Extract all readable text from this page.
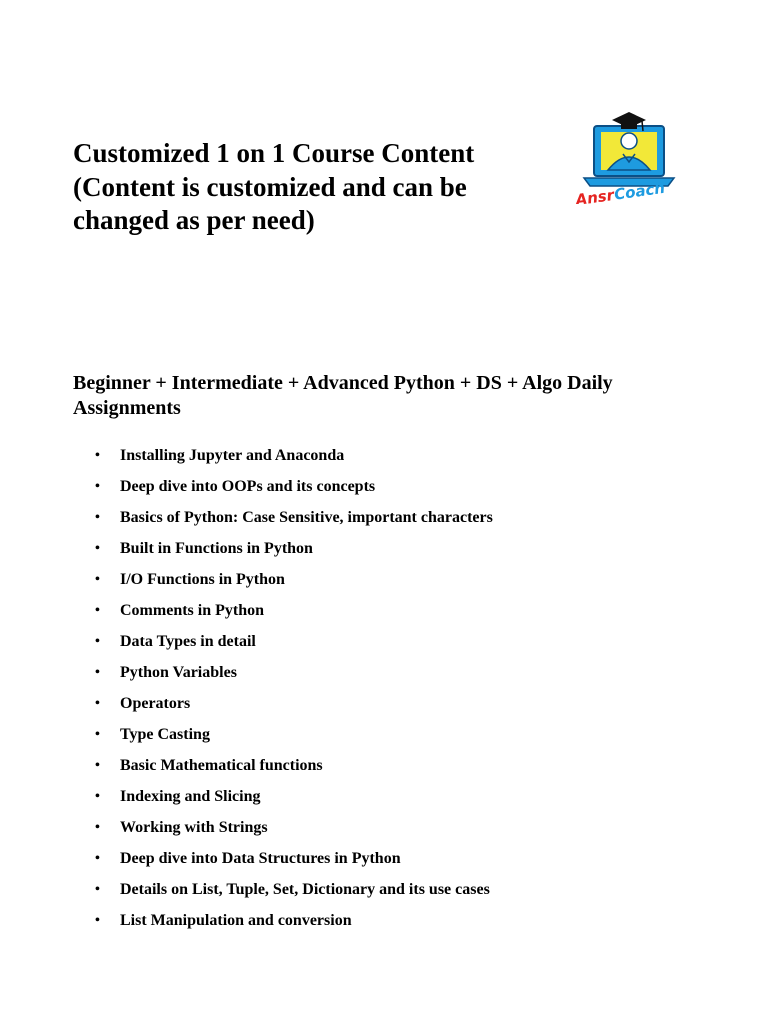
Customized 1 on 1 Course Content (Content is customized and can be changed as per need)
Ansr
Coach
Beginner + Intermediate + Advanced Python + DS + Algo Daily Assignments
• Installing Jupyter and Anaconda
• Deep dive into OOPs and its concepts
• Basics of Python: Case Sensitive, important characters
• Built in Functions in Python
• I/O Functions in Python
• Comments in Python
• Data Types in detail
• Python Variables
• Operators
• Type Casting
• Basic Mathematical functions
• Indexing and Slicing
• Working with Strings
• Deep dive into Data Structures in Python
• Details on List, Tuple, Set, Dictionary and its use cases
• List Manipulation and conversion
